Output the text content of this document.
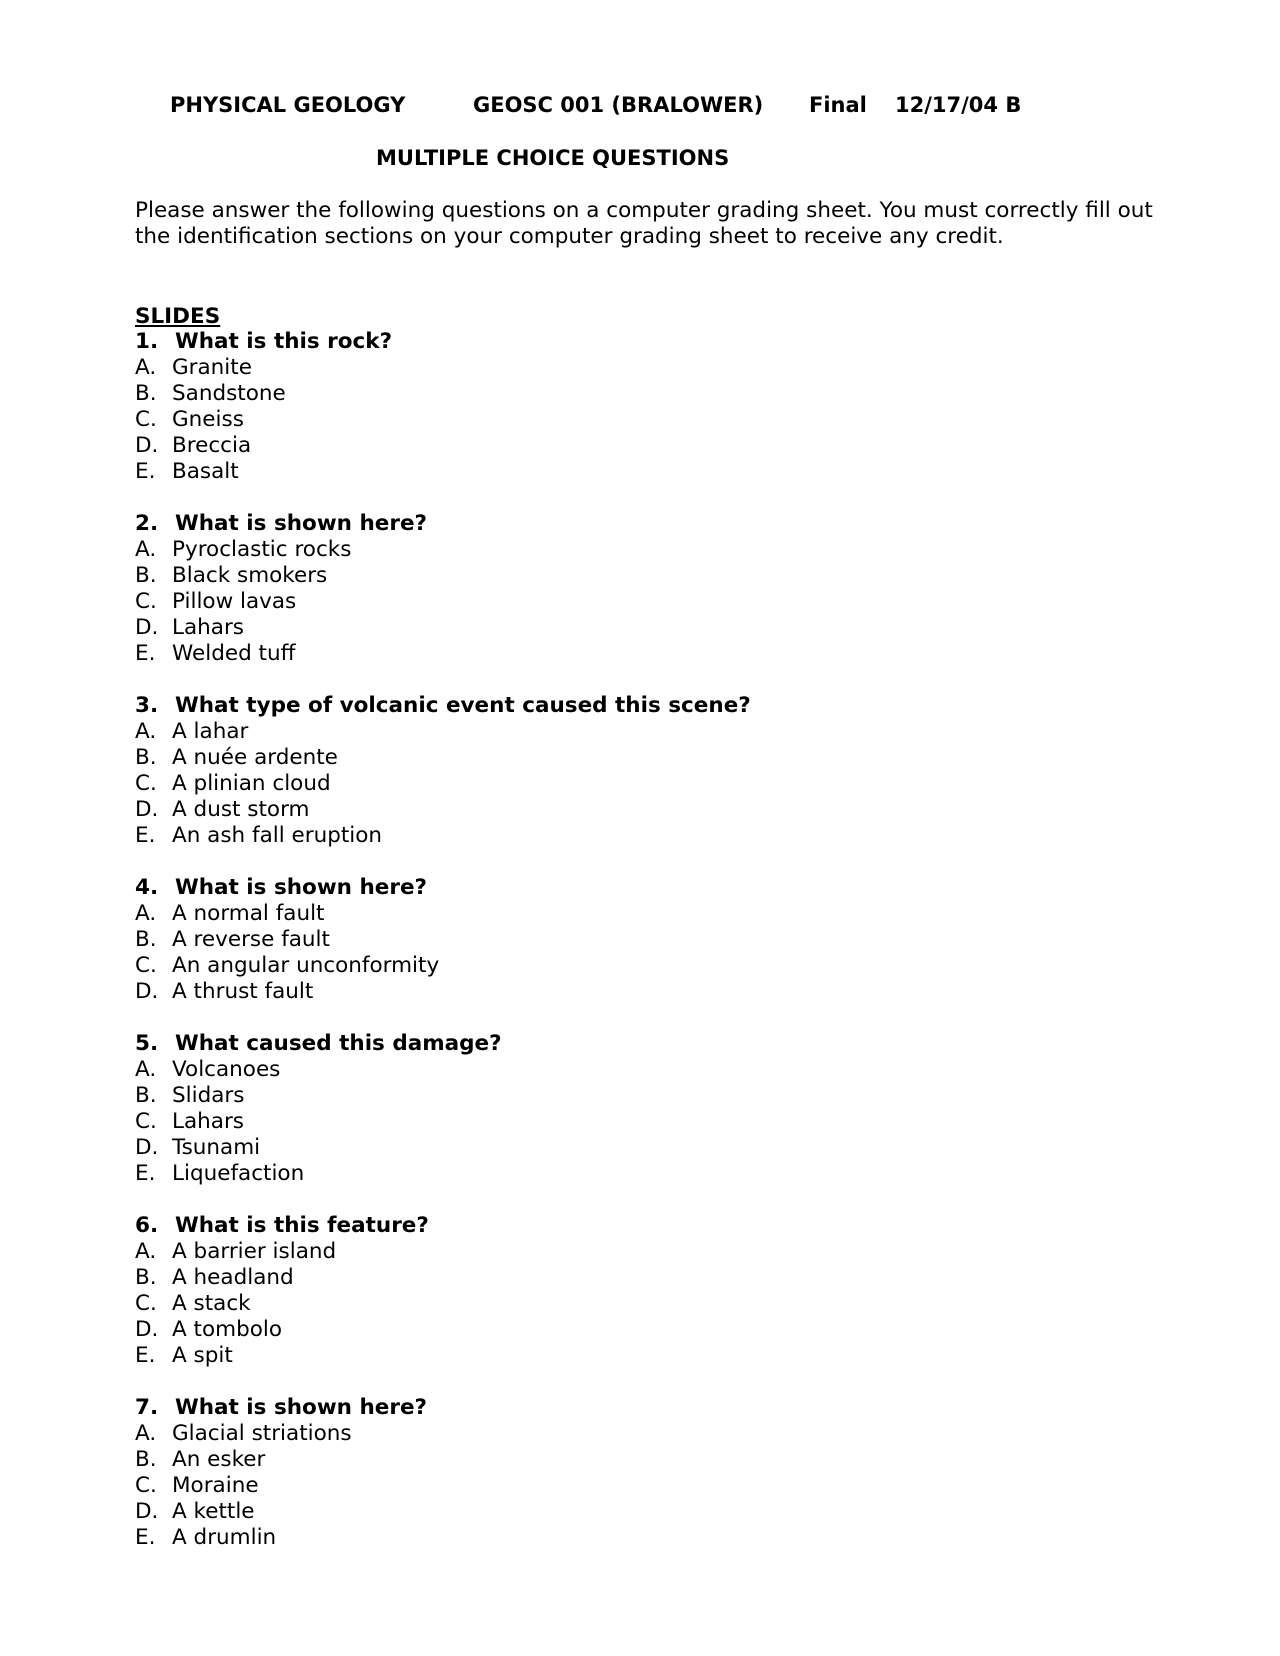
PHYSICAL GEOLOGY	GEOSC 001 (BRALOWER) Final 12/17/04 B
MULTIPLE CHOICE QUESTIONS
Please answer the following questions on a computer grading sheet. You must correctly fill out the identification sections on your computer grading sheet to receive any credit.
SLIDES
1. What is this rock?
A. Granite
B. Sandstone
C. Gneiss
D. Breccia
E. Basalt
2. What is shown here?
A. Pyroclastic rocks
B. Black smokers
C. Pillow lavas
D. Lahars
E. Welded tuff
3. What type of volcanic event caused this scene?
A. A lahar
B. A nuée ardente
C. A plinian cloud
D. A dust storm
E. An ash fall eruption
4. What is shown here?
A. A normal fault
B. A reverse fault
C. An angular unconformity
D. A thrust fault
5. What caused this damage?
A. Volcanoes
B. Slidars
C. Lahars
D. Tsunami
E. Liquefaction
6. What is this feature?
A. A barrier island
B. A headland
C. A stack
D. A tombolo
E. A spit
7. What is shown here?
A. Glacial striations
B. An esker
C. Moraine
D. A kettle
E. A drumlin
